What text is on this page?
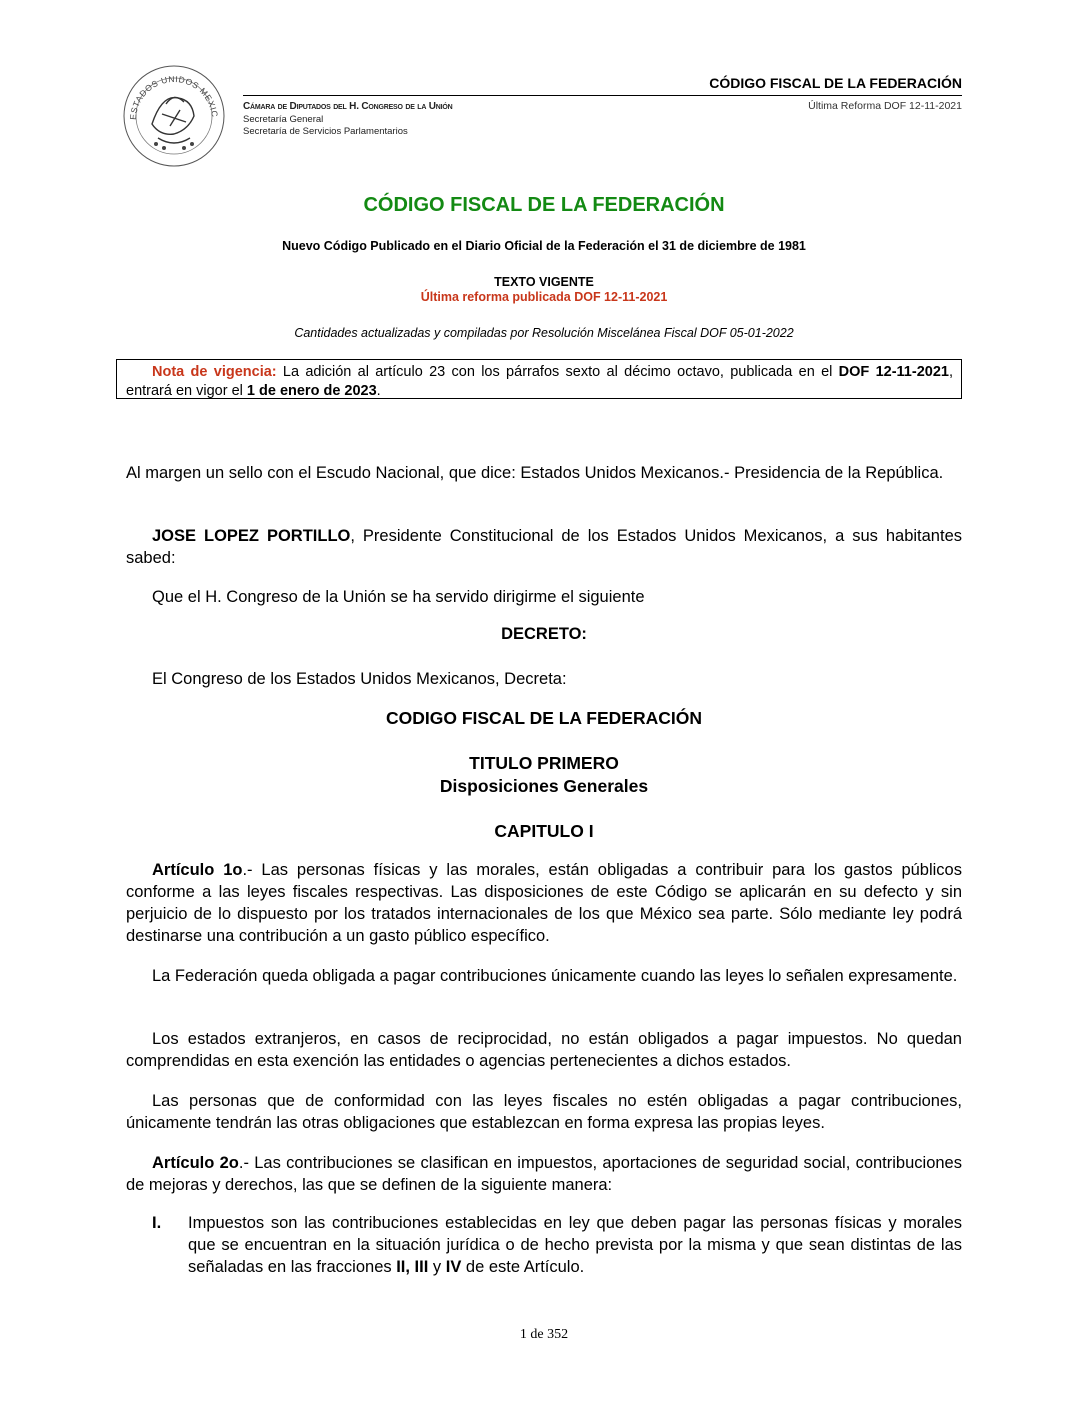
ESTADOS UNIDOS MEXIC
Cámara de Diputados del H. Congreso de la Unión
Secretaría General
Secretaría de Servicios Parlamentarios
CÓDIGO FISCAL DE LA FEDERACIÓN
Última Reforma DOF 12-11-2021
CÓDIGO FISCAL DE LA FEDERACIÓN
Nuevo Código Publicado en el Diario Oficial de la Federación el 31 de diciembre de 1981
TEXTO VIGENTE
Última reforma publicada DOF 12-11-2021
Cantidades actualizadas y compiladas por Resolución Miscelánea Fiscal DOF 05-01-2022
Nota de vigencia: La adición al artículo 23 con los párrafos sexto al décimo octavo, publicada en el DOF 12-11-2021, entrará en vigor el 1 de enero de 2023.
Al margen un sello con el Escudo Nacional, que dice: Estados Unidos Mexicanos.- Presidencia de la República.
JOSE LOPEZ PORTILLO, Presidente Constitucional de los Estados Unidos Mexicanos, a sus habitantes sabed:
Que el H. Congreso de la Unión se ha servido dirigirme el siguiente
DECRETO:
El Congreso de los Estados Unidos Mexicanos, Decreta:
CODIGO FISCAL DE LA FEDERACIÓN
TITULO PRIMERO
Disposiciones Generales
CAPITULO I
Artículo 1o.- Las personas físicas y las morales, están obligadas a contribuir para los gastos públicos conforme a las leyes fiscales respectivas. Las disposiciones de este Código se aplicarán en su defecto y sin perjuicio de lo dispuesto por los tratados internacionales de los que México sea parte. Sólo mediante ley podrá destinarse una contribución a un gasto público específico.
La Federación queda obligada a pagar contribuciones únicamente cuando las leyes lo señalen expresamente.
Los estados extranjeros, en casos de reciprocidad, no están obligados a pagar impuestos. No quedan comprendidas en esta exención las entidades o agencias pertenecientes a dichos estados.
Las personas que de conformidad con las leyes fiscales no estén obligadas a pagar contribuciones, únicamente tendrán las otras obligaciones que establezcan en forma expresa las propias leyes.
Artículo 2o.- Las contribuciones se clasifican en impuestos, aportaciones de seguridad social, contribuciones de mejoras y derechos, las que se definen de la siguiente manera:
I. Impuestos son las contribuciones establecidas en ley que deben pagar las personas físicas y morales que se encuentran en la situación jurídica o de hecho prevista por la misma y que sean distintas de las señaladas en las fracciones II, III y IV de este Artículo.
1 de 352
